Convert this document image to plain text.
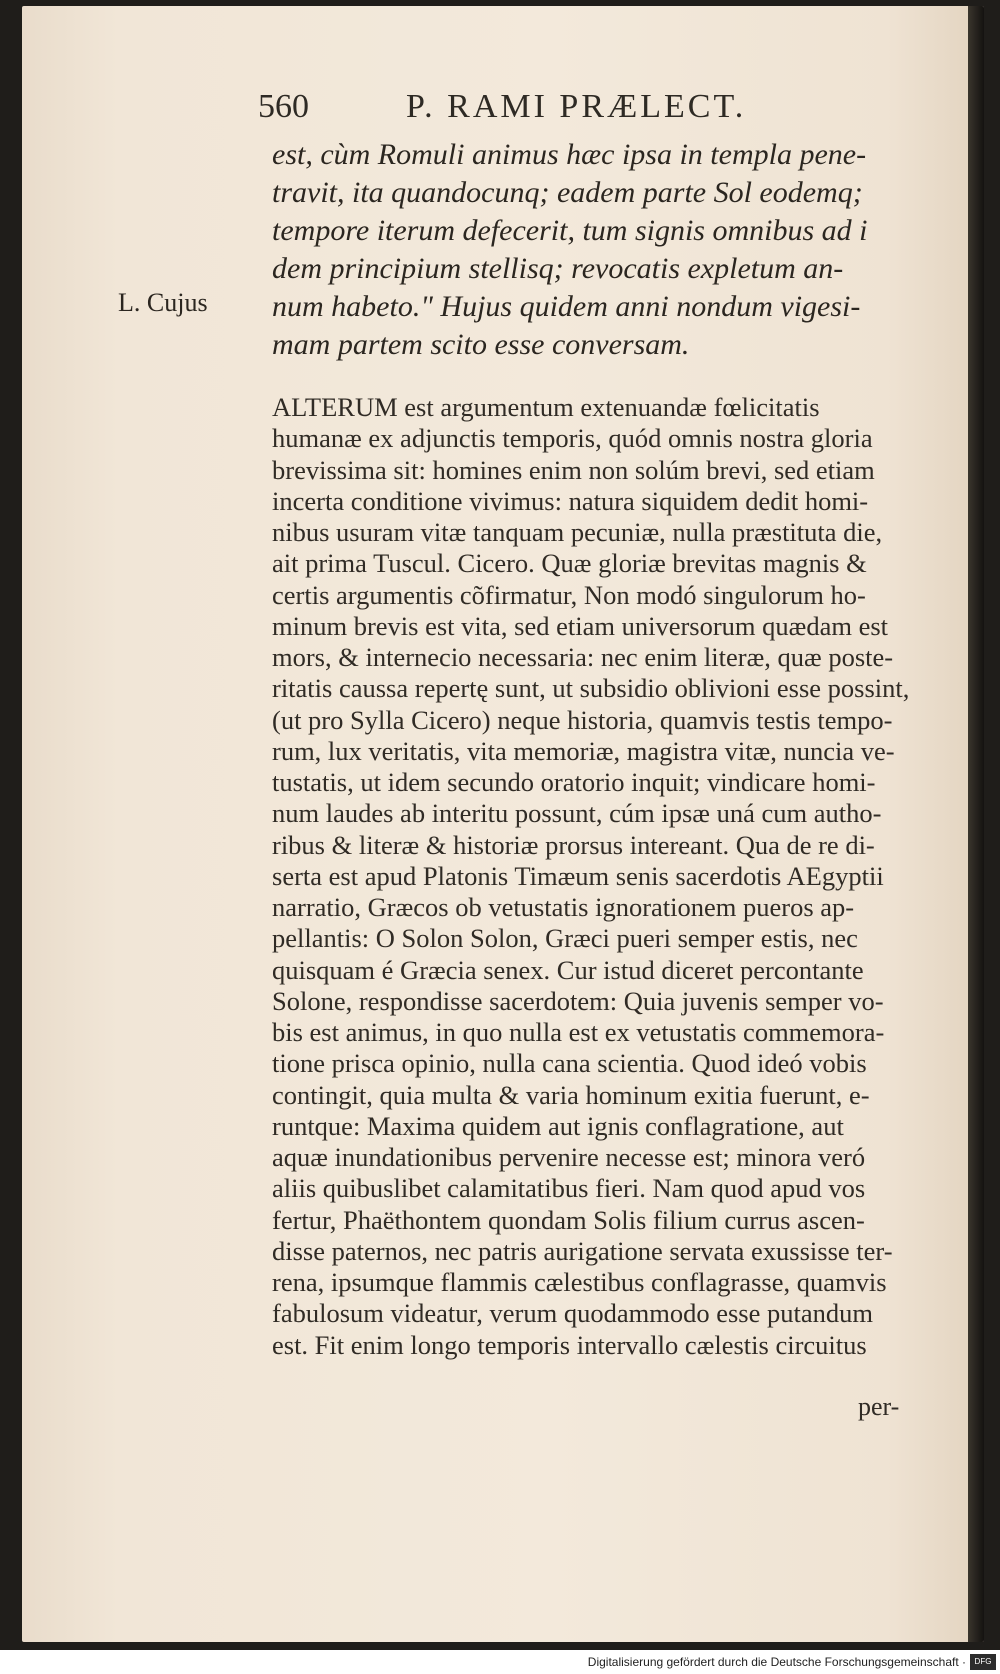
560	P. RAMI PRÆLECT.
L. Cujus
est, cùm Romuli animus hæc ipsa in templa pene-
travit, ita quandocunq; eadem parte Sol eodemq;
tempore iterum defecerit, tum signis omnibus ad i
dem principium stellisq; revocatis expletum an-
num habeto." Hujus quidem anni nondum vigesi-
mam partem scito esse conversam.
ALTERUM est argumentum extenuandæ fœlicitatis
humanæ ex adjunctis temporis, quód omnis nostra gloria
brevissima sit: homines enim non solúm brevi, sed etiam
incerta conditione vivimus: natura siquidem dedit homi-
nibus usuram vitæ tanquam pecuniæ, nulla præstituta die,
ait prima Tuscul. Cicero. Quæ gloriæ brevitas magnis &
certis argumentis cõfirmatur, Non modó singulorum ho-
minum brevis est vita, sed etiam universorum quædam est
mors, & internecio necessaria: nec enim literæ, quæ poste-
ritatis caussa repertę sunt, ut subsidio oblivioni esse possint,
(ut pro Sylla Cicero) neque historia, quamvis testis tempo-
rum, lux veritatis, vita memoriæ, magistra vitæ, nuncia ve-
tustatis, ut idem secundo oratorio inquit; vindicare homi-
num laudes ab interitu possunt, cúm ipsæ uná cum autho-
ribus & literæ & historiæ prorsus intereant. Qua de re di-
serta est apud Platonis Timæum senis sacerdotis AEgyptii
narratio, Græcos ob vetustatis ignorationem pueros ap-
pellantis: O Solon Solon, Græci pueri semper estis, nec
quisquam é Græcia senex. Cur istud diceret percontante
Solone, respondisse sacerdotem: Quia juvenis semper vo-
bis est animus, in quo nulla est ex vetustatis commemora-
tione prisca opinio, nulla cana scientia. Quod ideó vobis
contingit, quia multa & varia hominum exitia fuerunt, e-
runtque: Maxima quidem aut ignis conflagratione, aut
aquæ inundationibus pervenire necesse est; minora veró
aliis quibuslibet calamitatibus fieri. Nam quod apud vos
fertur, Phaëthontem quondam Solis filium currus ascen-
disse paternos, nec patris aurigatione servata exussisse ter-
rena, ipsumque flammis cælestibus conflagrasse, quamvis
fabulosum videatur, verum quodammodo esse putandum
est. Fit enim longo temporis intervallo cælestis circuitus
per-
Digitalisierung gefördert durch die Deutsche Forschungsgemeinschaft ·	DFG
